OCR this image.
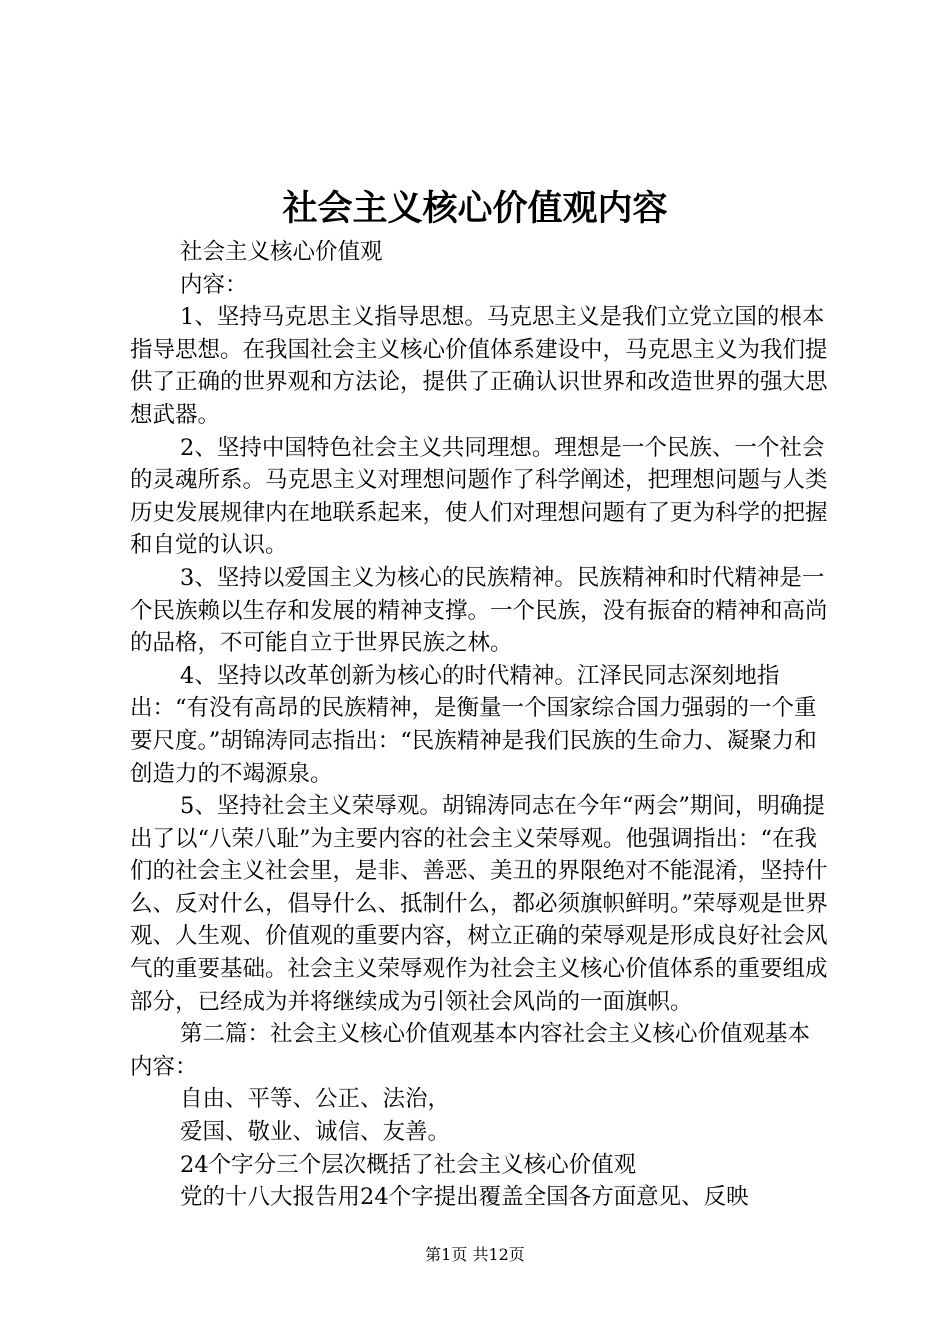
社会主义核心价值观内容

社会主义核心价值观

内容：

1、坚持马克思主义指导思想。马克思主义是我们立党立国的根本指导思想。在我国社会主义核心价值体系建设中，马克思主义为我们提供了正确的世界观和方法论，提供了正确认识世界和改造世界的强大思想武器。

2、坚持中国特色社会主义共同理想。理想是一个民族、一个社会的灵魂所系。马克思主义对理想问题作了科学阐述，把理想问题与人类历史发展规律内在地联系起来，使人们对理想问题有了更为科学的把握和自觉的认识。

3、坚持以爱国主义为核心的民族精神。民族精神和时代精神是一个民族赖以生存和发展的精神支撑。一个民族，没有振奋的精神和高尚的品格，不可能自立于世界民族之林。

4、坚持以改革创新为核心的时代精神。江泽民同志深刻地指出：“有没有高昂的民族精神，是衡量一个国家综合国力强弱的一个重要尺度。”胡锦涛同志指出：“民族精神是我们民族的生命力、凝聚力和创造力的不竭源泉。

5、坚持社会主义荣辱观。胡锦涛同志在今年“两会”期间，明确提出了以“八荣八耻”为主要内容的社会主义荣辱观。他强调指出：“在我们的社会主义社会里，是非、善恶、美丑的界限绝对不能混淆，坚持什么、反对什么，倡导什么、抵制什么，都必须旗帜鲜明。”荣辱观是世界观、人生观、价值观的重要内容，树立正确的荣辱观是形成良好社会风气的重要基础。社会主义荣辱观作为社会主义核心价值体系的重要组成部分，已经成为并将继续成为引领社会风尚的一面旗帜。

第二篇：社会主义核心价值观基本内容社会主义核心价值观基本内容：

自由、平等、公正、法治，

爱国、敬业、诚信、友善。

24个字分三个层次概括了社会主义核心价值观

党的十八大报告用24个字提出覆盖全国各方面意见、反映

第1页 共12页
